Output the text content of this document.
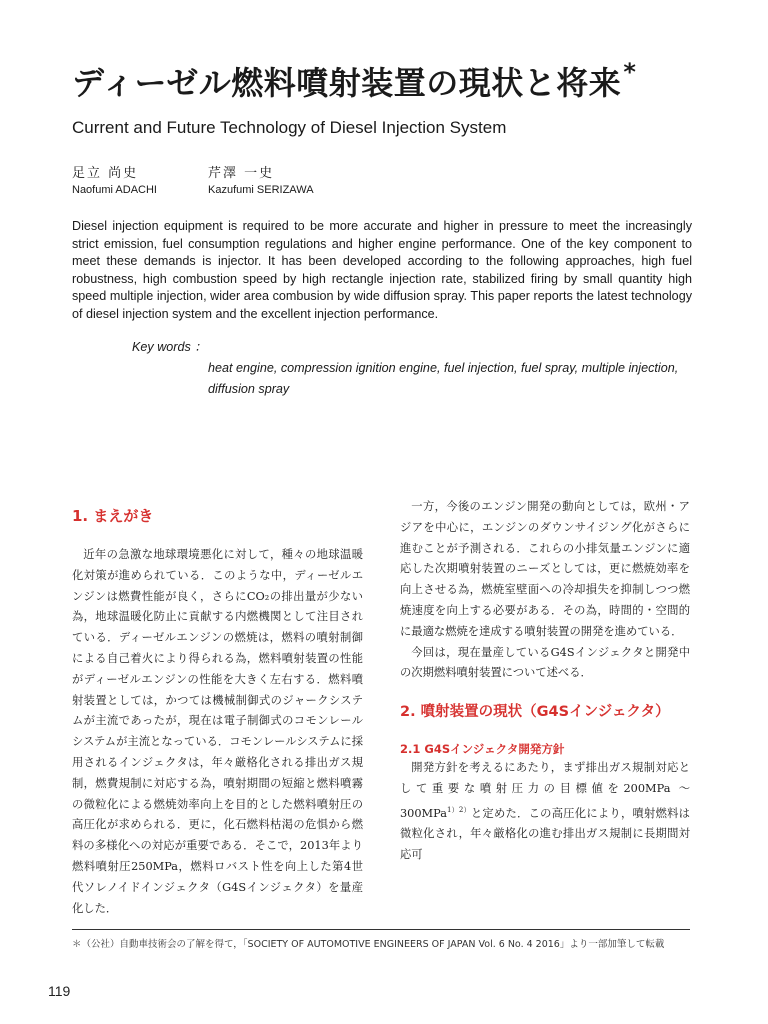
ディーゼル燃料噴射装置の現状と将来*
Current and Future Technology of Diesel Injection System
足立 尚史
Naofumi ADACHI
芹澤 一史
Kazufumi SERIZAWA

Diesel injection equipment is required to be more accurate and higher in pressure to meet the increasingly strict emission, fuel consumption regulations and higher engine performance. One of the key component to meet these demands is injector. It has been developed according to the following approaches, high fuel robustness, high combustion speed by high rectangle injection rate, stabilized firing by small quantity high speed multiple injection, wider area combusion by wide diffusion spray. This paper reports the latest technology of diesel injection system and the excellent injection performance.

Key words ：

heat engine, compression ignition engine, fuel injection, fuel spray, multiple injection, diffusion spray

1. まえがき

近年の急激な地球環境悪化に対して，種々の地球温暖化対策が進められている．このような中，ディーゼルエンジンは燃費性能が良く，さらにCO₂の排出量が少ない為，地球温暖化防止に貢献する内燃機関として注目されている．ディーゼルエンジンの燃焼は，燃料の噴射制御による自己着火により得られる為，燃料噴射装置の性能がディーゼルエンジンの性能を大きく左右する．燃料噴射装置としては，かつては機械制御式のジャークシステムが主流であったが，現在は電子制御式のコモンレールシステムが主流となっている．コモンレールシステムに採用されるインジェクタは，年々厳格化される排出ガス規制，燃費規制に対応する為，噴射期間の短縮と燃料噴霧の微粒化による燃焼効率向上を目的とした燃料噴射圧の高圧化が求められる．更に，化石燃料枯渇の危惧から燃料の多様化への対応が重要である．そこで，2013年より燃料噴射圧250MPa，燃料ロバスト性を向上した第4世代ソレノイドインジェクタ（G4Sインジェクタ）を量産化した．

一方，今後のエンジン開発の動向としては，欧州・アジアを中心に，エンジンのダウンサイジング化がさらに進むことが予測される．これらの小排気量エンジンに適応した次期噴射装置のニーズとしては，更に燃焼効率を向上させる為，燃焼室壁面への冷却損失を抑制しつつ燃焼速度を向上する必要がある．その為，時間的・空間的に最適な燃焼を達成する噴射装置の開発を進めている．

今回は，現在量産しているG4Sインジェクタと開発中の次期燃料噴射装置について述べる．

2. 噴射装置の現状（G4Sインジェクタ）
2.1 G4Sインジェクタ開発方針

開発方針を考えるにあたり，まず排出ガス規制対応として重要な噴射圧力の目標値を200MPa ～ 300MPa$^{1)2)}$と定めた．この高圧化により，噴射燃料は微粒化され，年々厳格化の進む排出ガス規制に長期間対応可

＊（公社）自動車技術会の了解を得て，「SOCIETY OF AUTOMOTIVE ENGINEERS OF JAPAN Vol. 6 No. 4 2016」より一部加筆して転載
119
